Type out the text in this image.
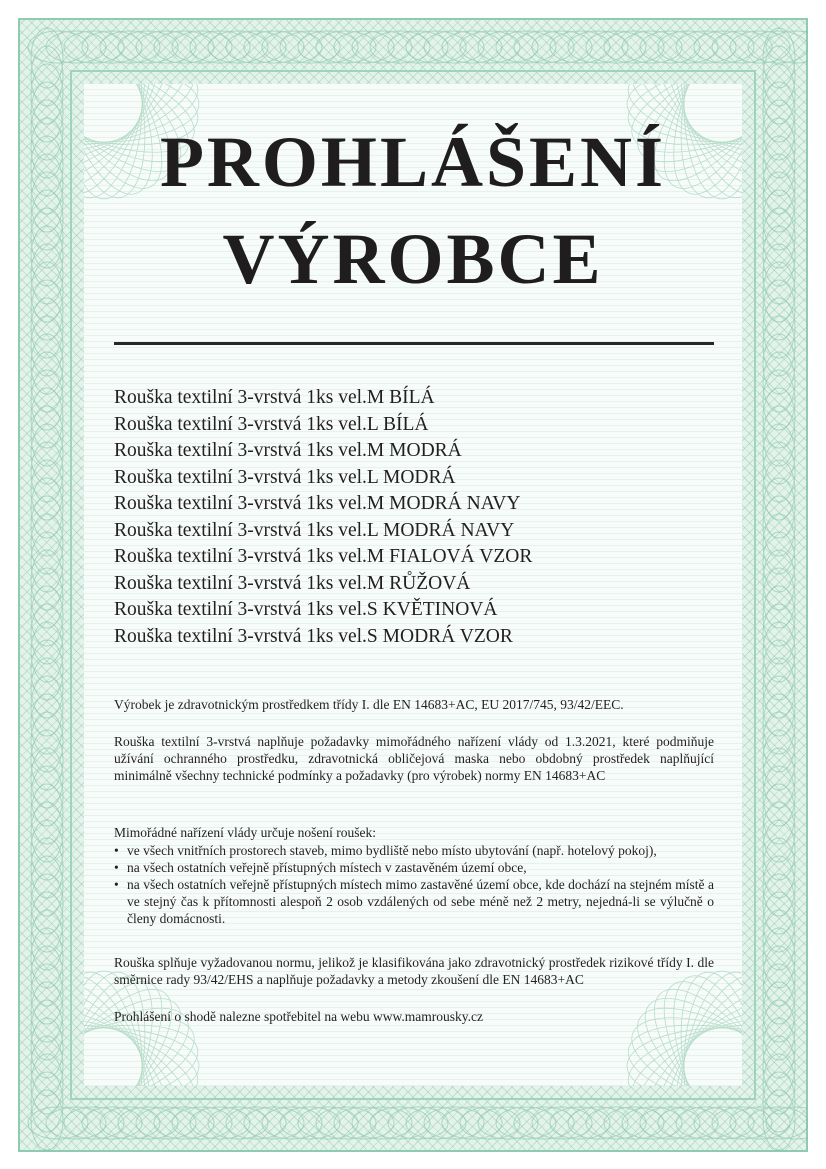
PROHLÁŠENÍ
VÝROBCE
Rouška textilní 3-vrstvá 1ks vel.M BÍLÁ
Rouška textilní 3-vrstvá 1ks vel.L BÍLÁ
Rouška textilní 3-vrstvá 1ks vel.M MODRÁ
Rouška textilní 3-vrstvá 1ks vel.L MODRÁ
Rouška textilní 3-vrstvá 1ks vel.M MODRÁ NAVY
Rouška textilní 3-vrstvá 1ks vel.L MODRÁ NAVY
Rouška textilní 3-vrstvá 1ks vel.M FIALOVÁ VZOR
Rouška textilní 3-vrstvá 1ks vel.M RŮŽOVÁ
Rouška textilní 3-vrstvá 1ks vel.S KVĚTINOVÁ
Rouška textilní 3-vrstvá 1ks vel.S MODRÁ VZOR

Výrobek je zdravotnickým prostředkem třídy I. dle EN 14683+AC, EU 2017/745, 93/42/EEC.

Rouška textilní 3-vrstvá naplňuje požadavky mimořádného nařízení vlády od 1.3.2021, které podmiňuje užívání ochranného prostředku, zdravotnická obličejová maska nebo obdobný prostředek naplňující minimálně všechny technické podmínky a požadavky (pro výrobek) normy EN 14683+AC

Mimořádné nařízení vlády určuje nošení roušek:

• ve všech vnitřních prostorech staveb, mimo bydliště nebo místo ubytování (např. hotelový pokoj),
• na všech ostatních veřejně přístupných místech v zastavěném území obce,
• na všech ostatních veřejně přístupných místech mimo zastavěné území obce, kde dochází na stejném místě a ve stejný čas k přítomnosti alespoň 2 osob vzdálených od sebe méně než 2 metry, nejedná-li se výlučně o členy domácnosti.

Rouška splňuje vyžadovanou normu, jelikož je klasifikována jako zdravotnický prostředek rizikové třídy I. dle směrnice rady 93/42/EHS a naplňuje požadavky a metody zkoušení dle EN 14683+AC

Prohlášení o shodě nalezne spotřebitel na webu www.mamrousky.cz
